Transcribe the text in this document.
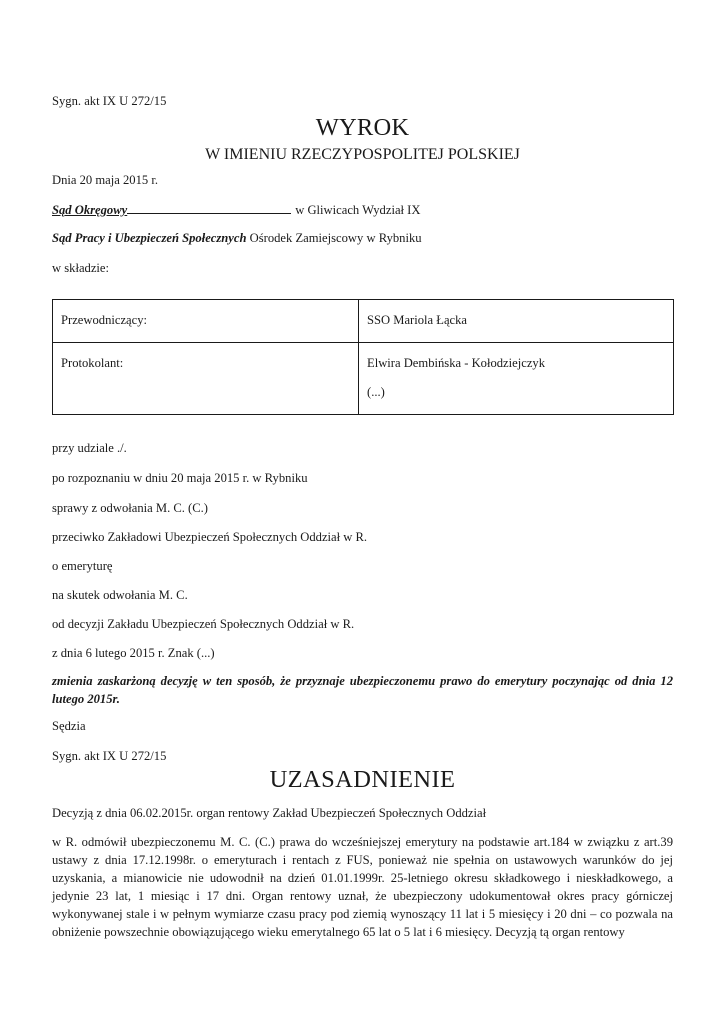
Sygn. akt IX U 272/15
WYROK
W IMIENIU RZECZYPOSPOLITEJ POLSKIEJ
Dnia 20 maja 2015 r.
Sąd Okręgowy	w Gliwicach Wydział IX
Sąd Pracy i Ubezpieczeń Społecznych Ośrodek Zamiejscowy w Rybniku
w składzie:
Przewodniczący:	SSO Mariola Łącka
Protokolant:	Elwira Dembińska - Kołodziejczyk
(...)
przy udziale ./.
po rozpoznaniu w dniu 20 maja 2015 r. w Rybniku
sprawy z odwołania M. C. (C.)
przeciwko Zakładowi Ubezpieczeń Społecznych Oddział w R.
o emeryturę
na skutek odwołania M. C.
od decyzji Zakładu Ubezpieczeń Społecznych Oddział w R.
z dnia 6 lutego 2015 r. Znak (...)
zmienia zaskarżoną decyzję w ten sposób, że przyznaje ubezpieczonemu prawo do emerytury poczynając od dnia 12 lutego 2015r.
Sędzia
Sygn. akt IX U 272/15
UZASADNIENIE
Decyzją z dnia 06.02.2015r. organ rentowy Zakład Ubezpieczeń Społecznych Oddział
w R. odmówił ubezpieczonemu M. C. (C.) prawa do wcześniejszej emerytury na podstawie art.184 w związku z art.39 ustawy z dnia 17.12.1998r. o emeryturach i rentach z FUS, ponieważ nie spełnia on ustawowych warunków do jej uzyskania, a mianowicie nie udowodnił na dzień 01.01.1999r. 25-letniego okresu składkowego i nieskładkowego, a jedynie 23 lat, 1 miesiąc i 17 dni. Organ rentowy uznał, że ubezpieczony udokumentował okres pracy górniczej wykonywanej stale i w pełnym wymiarze czasu pracy pod ziemią wynoszący 11 lat i 5 miesięcy i 20 dni – co pozwala na obniżenie powszechnie obowiązującego wieku emerytalnego 65 lat o 5 lat i 6 miesięcy. Decyzją tą organ rentowy
